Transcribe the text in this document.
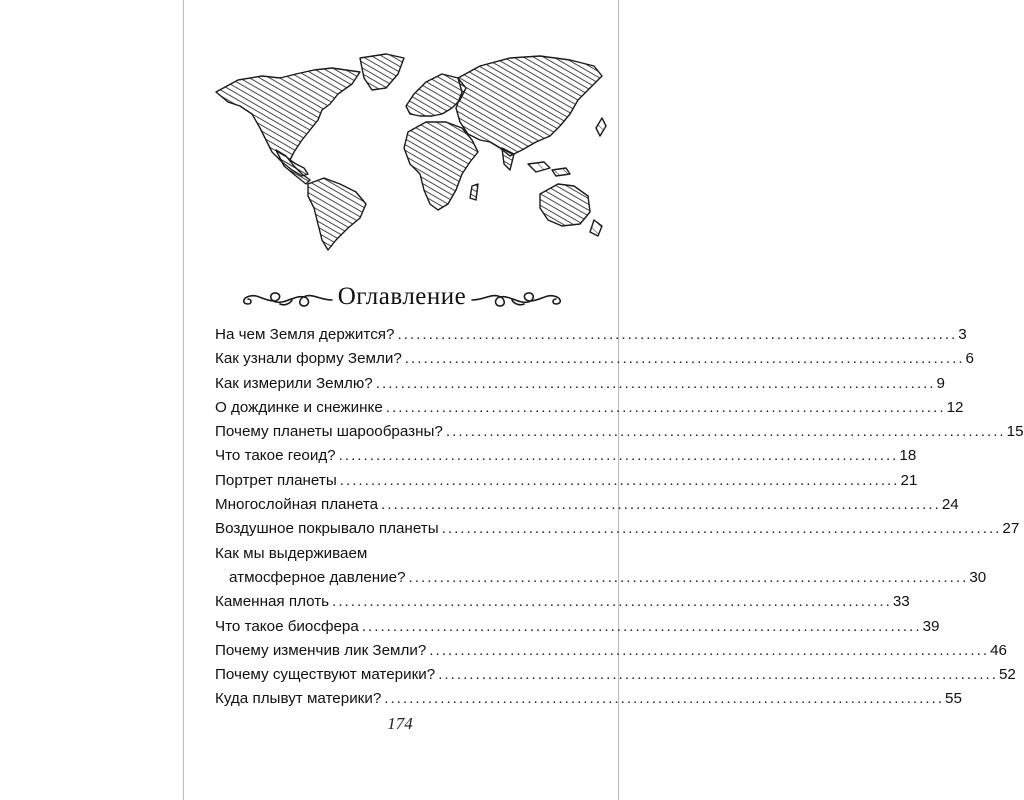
Оглавление
На чем Земля держится? .......................................................................................... 3
Как узнали форму Земли? .......................................................................................... 6
Как измерили Землю? .......................................................................................... 9
О дождинке и снежинке .......................................................................................... 12
Почему планеты шарообразны? .......................................................................................... 15
Что такое геоид? .......................................................................................... 18
Портрет планеты .......................................................................................... 21
Многослойная планета .......................................................................................... 24
Воздушное покрывало планеты .......................................................................................... 27
Как мы выдерживаем
атмосферное давление? .......................................................................................... 30
Каменная плоть .......................................................................................... 33
Что такое биосфера .......................................................................................... 39
Почему изменчив лик Земли? .......................................................................................... 46
Почему существуют материки? .......................................................................................... 52
Куда плывут материки? .......................................................................................... 55
174
